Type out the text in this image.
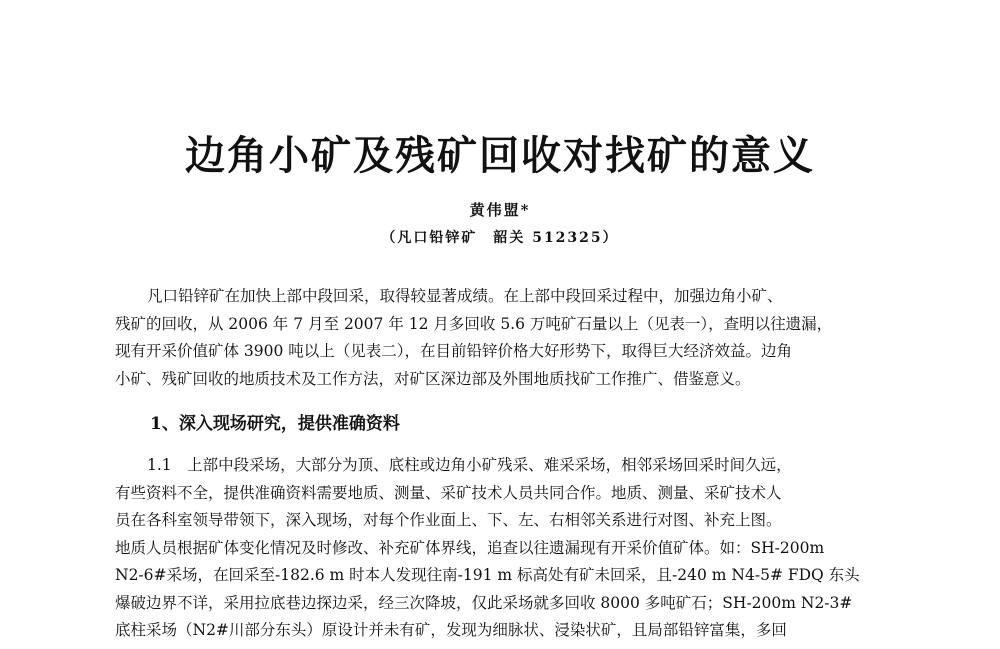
边角小矿及残矿回收对找矿的意义
黄伟盟*
（凡口铅锌矿　韶关 512325）
凡口铅锌矿在加快上部中段回采，取得较显著成绩。在上部中段回采过程中，加强边角小矿、
残矿的回收，从 2006 年 7 月至 2007 年 12 月多回收 5.6 万吨矿石量以上（见表一），查明以往遗漏，
现有开采价值矿体 3900 吨以上（见表二），在目前铅锌价格大好形势下，取得巨大经济效益。边角
小矿、残矿回收的地质技术及工作方法，对矿区深边部及外围地质找矿工作推广、借鉴意义。
1、深入现场研究，提供准确资料
1.1　上部中段采场，大部分为顶、底柱或边角小矿残采、难采采场，相邻采场回采时间久远，
有些资料不全，提供准确资料需要地质、测量、采矿技术人员共同合作。地质、测量、采矿技术人
员在各科室领导带领下，深入现场，对每个作业面上、下、左、右相邻关系进行对图、补充上图。
地质人员根据矿体变化情况及时修改、补充矿体界线，追查以往遗漏现有开采价值矿体。如：SH-200m
N2-6#采场，在回采至-182.6 m 时本人发现往南-191 m 标高处有矿未回采，且-240 m N4-5# FDQ 东头
爆破边界不详，采用拉底巷边探边采，经三次降坡，仅此采场就多回收 8000 多吨矿石；SH-200m N2-3#
底柱采场（N2#川部分东头）原设计并未有矿，发现为细脉状、浸染状矿，且局部铅锌富集，多回
